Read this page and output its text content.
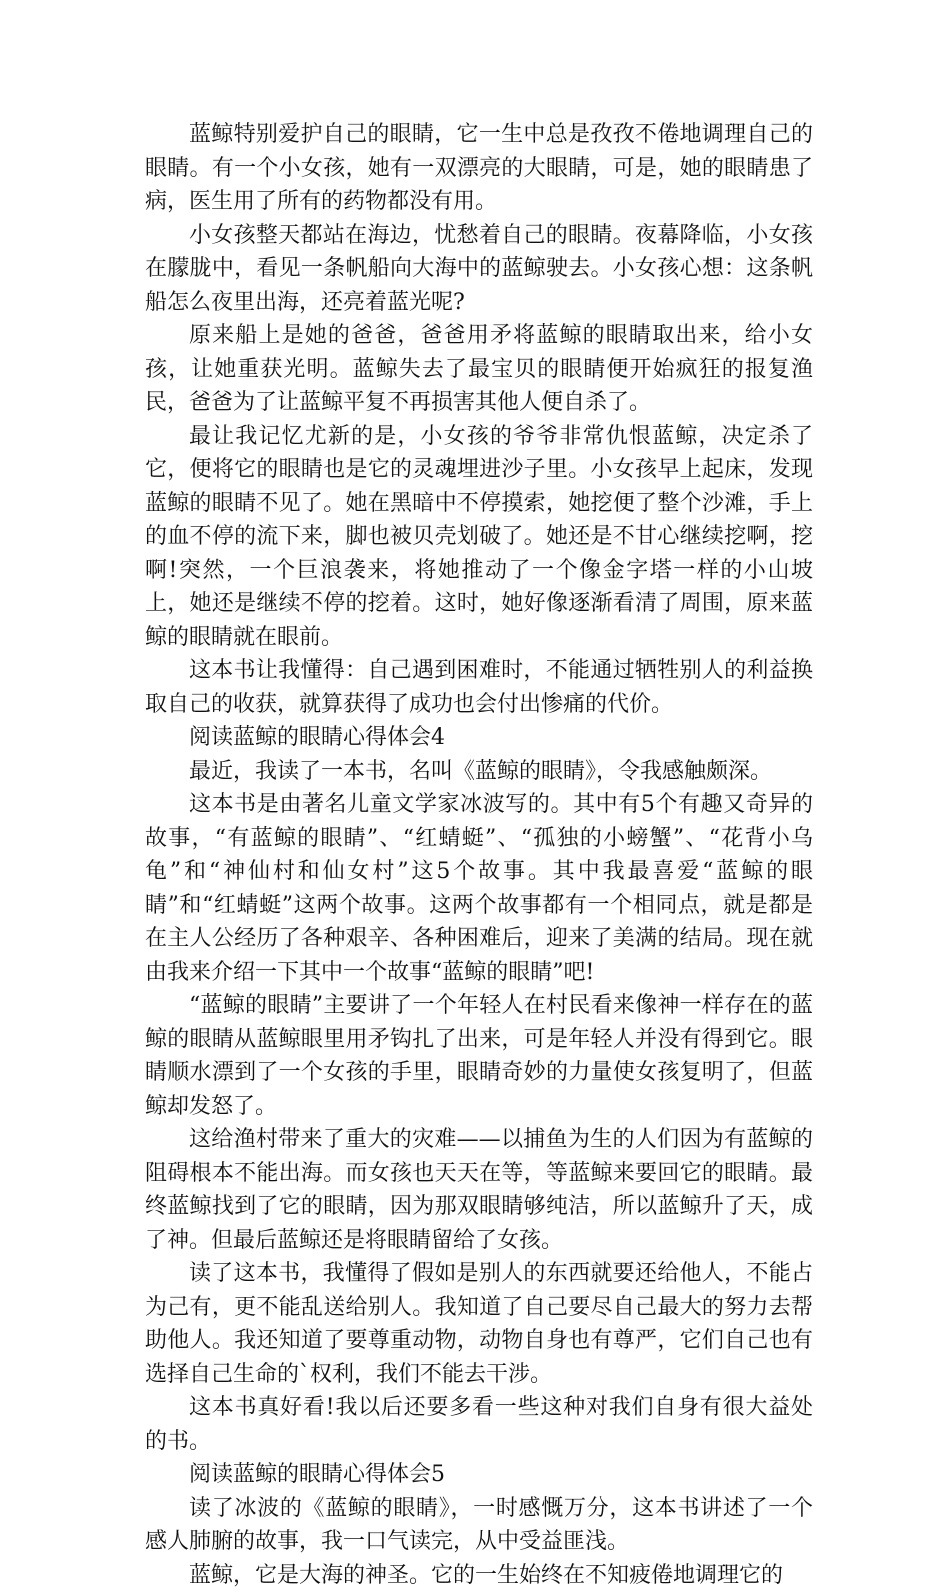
蓝鲸特别爱护自己的眼睛，它一生中总是孜孜不倦地调理自己的眼睛。有一个小女孩，她有一双漂亮的大眼睛，可是，她的眼睛患了病，医生用了所有的药物都没有用。

小女孩整天都站在海边，忧愁着自己的眼睛。夜幕降临，小女孩在朦胧中，看见一条帆船向大海中的蓝鲸驶去。小女孩心想：这条帆船怎么夜里出海，还亮着蓝光呢?

原来船上是她的爸爸，爸爸用矛将蓝鲸的眼睛取出来，给小女孩，让她重获光明。蓝鲸失去了最宝贝的眼睛便开始疯狂的报复渔民，爸爸为了让蓝鲸平复不再损害其他人便自杀了。

最让我记忆尤新的是，小女孩的爷爷非常仇恨蓝鲸，决定杀了它，便将它的眼睛也是它的灵魂埋进沙子里。小女孩早上起床，发现蓝鲸的眼睛不见了。她在黑暗中不停摸索，她挖便了整个沙滩，手上的血不停的流下来，脚也被贝壳划破了。她还是不甘心继续挖啊，挖啊!突然，一个巨浪袭来，将她推动了一个像金字塔一样的小山坡上，她还是继续不停的挖着。这时，她好像逐渐看清了周围，原来蓝鲸的眼睛就在眼前。

这本书让我懂得：自己遇到困难时，不能通过牺牲别人的利益换取自己的收获，就算获得了成功也会付出惨痛的代价。

阅读蓝鲸的眼睛心得体会4

最近，我读了一本书，名叫《蓝鲸的眼睛》，令我感触颇深。

这本书是由著名儿童文学家冰波写的。其中有5个有趣又奇异的故事，“有蓝鲸的眼睛”、“红蜻蜓”、“孤独的小螃蟹”、“花背小乌龟”和“神仙村和仙女村”这5个故事。其中我最喜爱“蓝鲸的眼睛”和“红蜻蜓”这两个故事。这两个故事都有一个相同点，就是都是在主人公经历了各种艰辛、各种困难后，迎来了美满的结局。现在就由我来介绍一下其中一个故事“蓝鲸的眼睛”吧!

“蓝鲸的眼睛”主要讲了一个年轻人在村民看来像神一样存在的蓝鲸的眼睛从蓝鲸眼里用矛钩扎了出来，可是年轻人并没有得到它。眼睛顺水漂到了一个女孩的手里，眼睛奇妙的力量使女孩复明了，但蓝鲸却发怒了。

这给渔村带来了重大的灾难——以捕鱼为生的人们因为有蓝鲸的阻碍根本不能出海。而女孩也天天在等，等蓝鲸来要回它的眼睛。最终蓝鲸找到了它的眼睛，因为那双眼睛够纯洁，所以蓝鲸升了天，成了神。但最后蓝鲸还是将眼睛留给了女孩。

读了这本书，我懂得了假如是别人的东西就要还给他人，不能占为己有，更不能乱送给别人。我知道了自己要尽自己最大的努力去帮助他人。我还知道了要尊重动物，动物自身也有尊严，它们自己也有选择自己生命的`权利，我们不能去干涉。

这本书真好看!我以后还要多看一些这种对我们自身有很大益处的书。

阅读蓝鲸的眼睛心得体会5

读了冰波的《蓝鲸的眼睛》，一时感慨万分，这本书讲述了一个感人肺腑的故事，我一口气读完，从中受益匪浅。

蓝鲸，它是大海的神圣。它的一生始终在不知疲倦地调理它的
